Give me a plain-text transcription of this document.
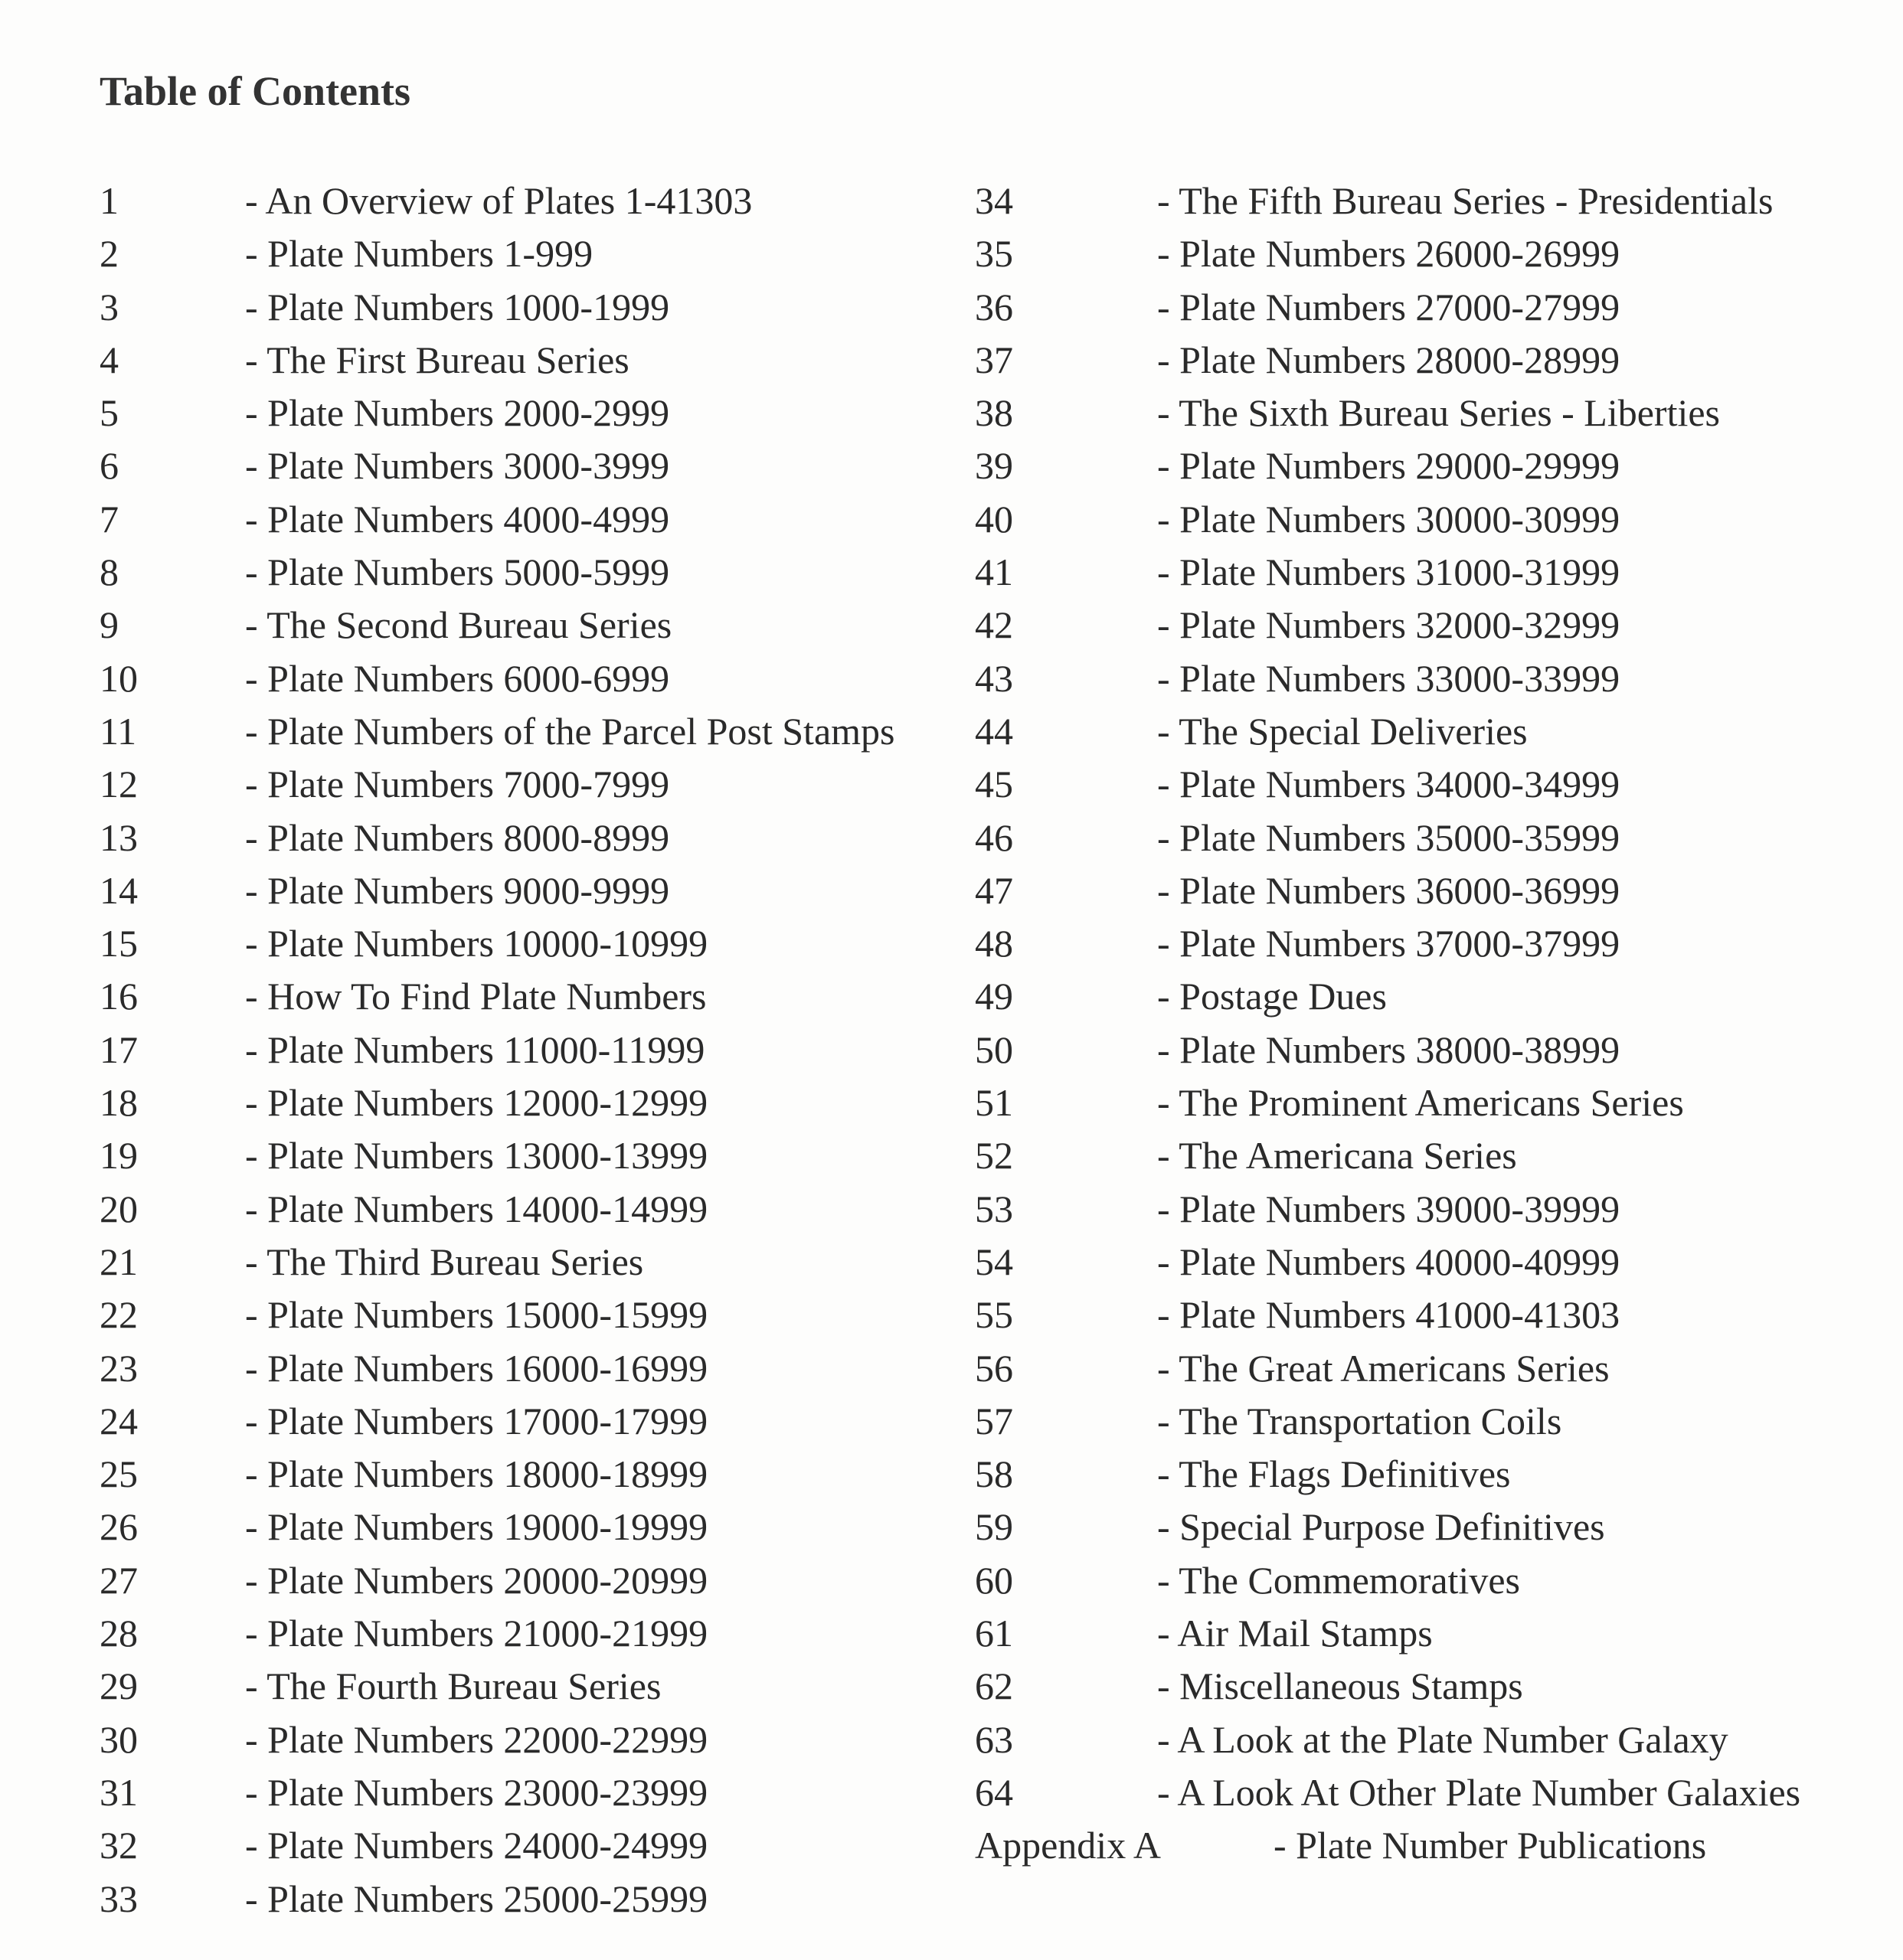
Table of Contents
1	- An Overview of Plates 1-41303
2	- Plate Numbers 1-999
3	- Plate Numbers 1000-1999
4	- The First Bureau Series
5	- Plate Numbers 2000-2999
6	- Plate Numbers 3000-3999
7	- Plate Numbers 4000-4999
8	- Plate Numbers 5000-5999
9	- The Second Bureau Series
10	- Plate Numbers 6000-6999
11	- Plate Numbers of the Parcel Post Stamps
12	- Plate Numbers 7000-7999
13	- Plate Numbers 8000-8999
14	- Plate Numbers 9000-9999
15	- Plate Numbers 10000-10999
16	- How To Find Plate Numbers
17	- Plate Numbers 11000-11999
18	- Plate Numbers 12000-12999
19	- Plate Numbers 13000-13999
20	- Plate Numbers 14000-14999
21	- The Third Bureau Series
22	- Plate Numbers 15000-15999
23	- Plate Numbers 16000-16999
24	- Plate Numbers 17000-17999
25	- Plate Numbers 18000-18999
26	- Plate Numbers 19000-19999
27	- Plate Numbers 20000-20999
28	- Plate Numbers 21000-21999
29	- The Fourth Bureau Series
30	- Plate Numbers 22000-22999
31	- Plate Numbers 23000-23999
32	- Plate Numbers 24000-24999
33	- Plate Numbers 25000-25999
34	- The Fifth Bureau Series - Presidentials
35	- Plate Numbers 26000-26999
36	- Plate Numbers 27000-27999
37	- Plate Numbers 28000-28999
38	- The Sixth Bureau Series - Liberties
39	- Plate Numbers 29000-29999
40	- Plate Numbers 30000-30999
41	- Plate Numbers 31000-31999
42	- Plate Numbers 32000-32999
43	- Plate Numbers 33000-33999
44	- The Special Deliveries
45	- Plate Numbers 34000-34999
46	- Plate Numbers 35000-35999
47	- Plate Numbers 36000-36999
48	- Plate Numbers 37000-37999
49	- Postage Dues
50	- Plate Numbers 38000-38999
51	- The Prominent Americans Series
52	- The Americana Series
53	- Plate Numbers 39000-39999
54	- Plate Numbers 40000-40999
55	- Plate Numbers 41000-41303
56	- The Great Americans Series
57	- The Transportation Coils
58	- The Flags Definitives
59	- Special Purpose Definitives
60	- The Commemoratives
61	- Air Mail Stamps
62	- Miscellaneous Stamps
63	- A Look at the Plate Number Galaxy
64	- A Look At Other Plate Number Galaxies
Appendix A	- Plate Number Publications
